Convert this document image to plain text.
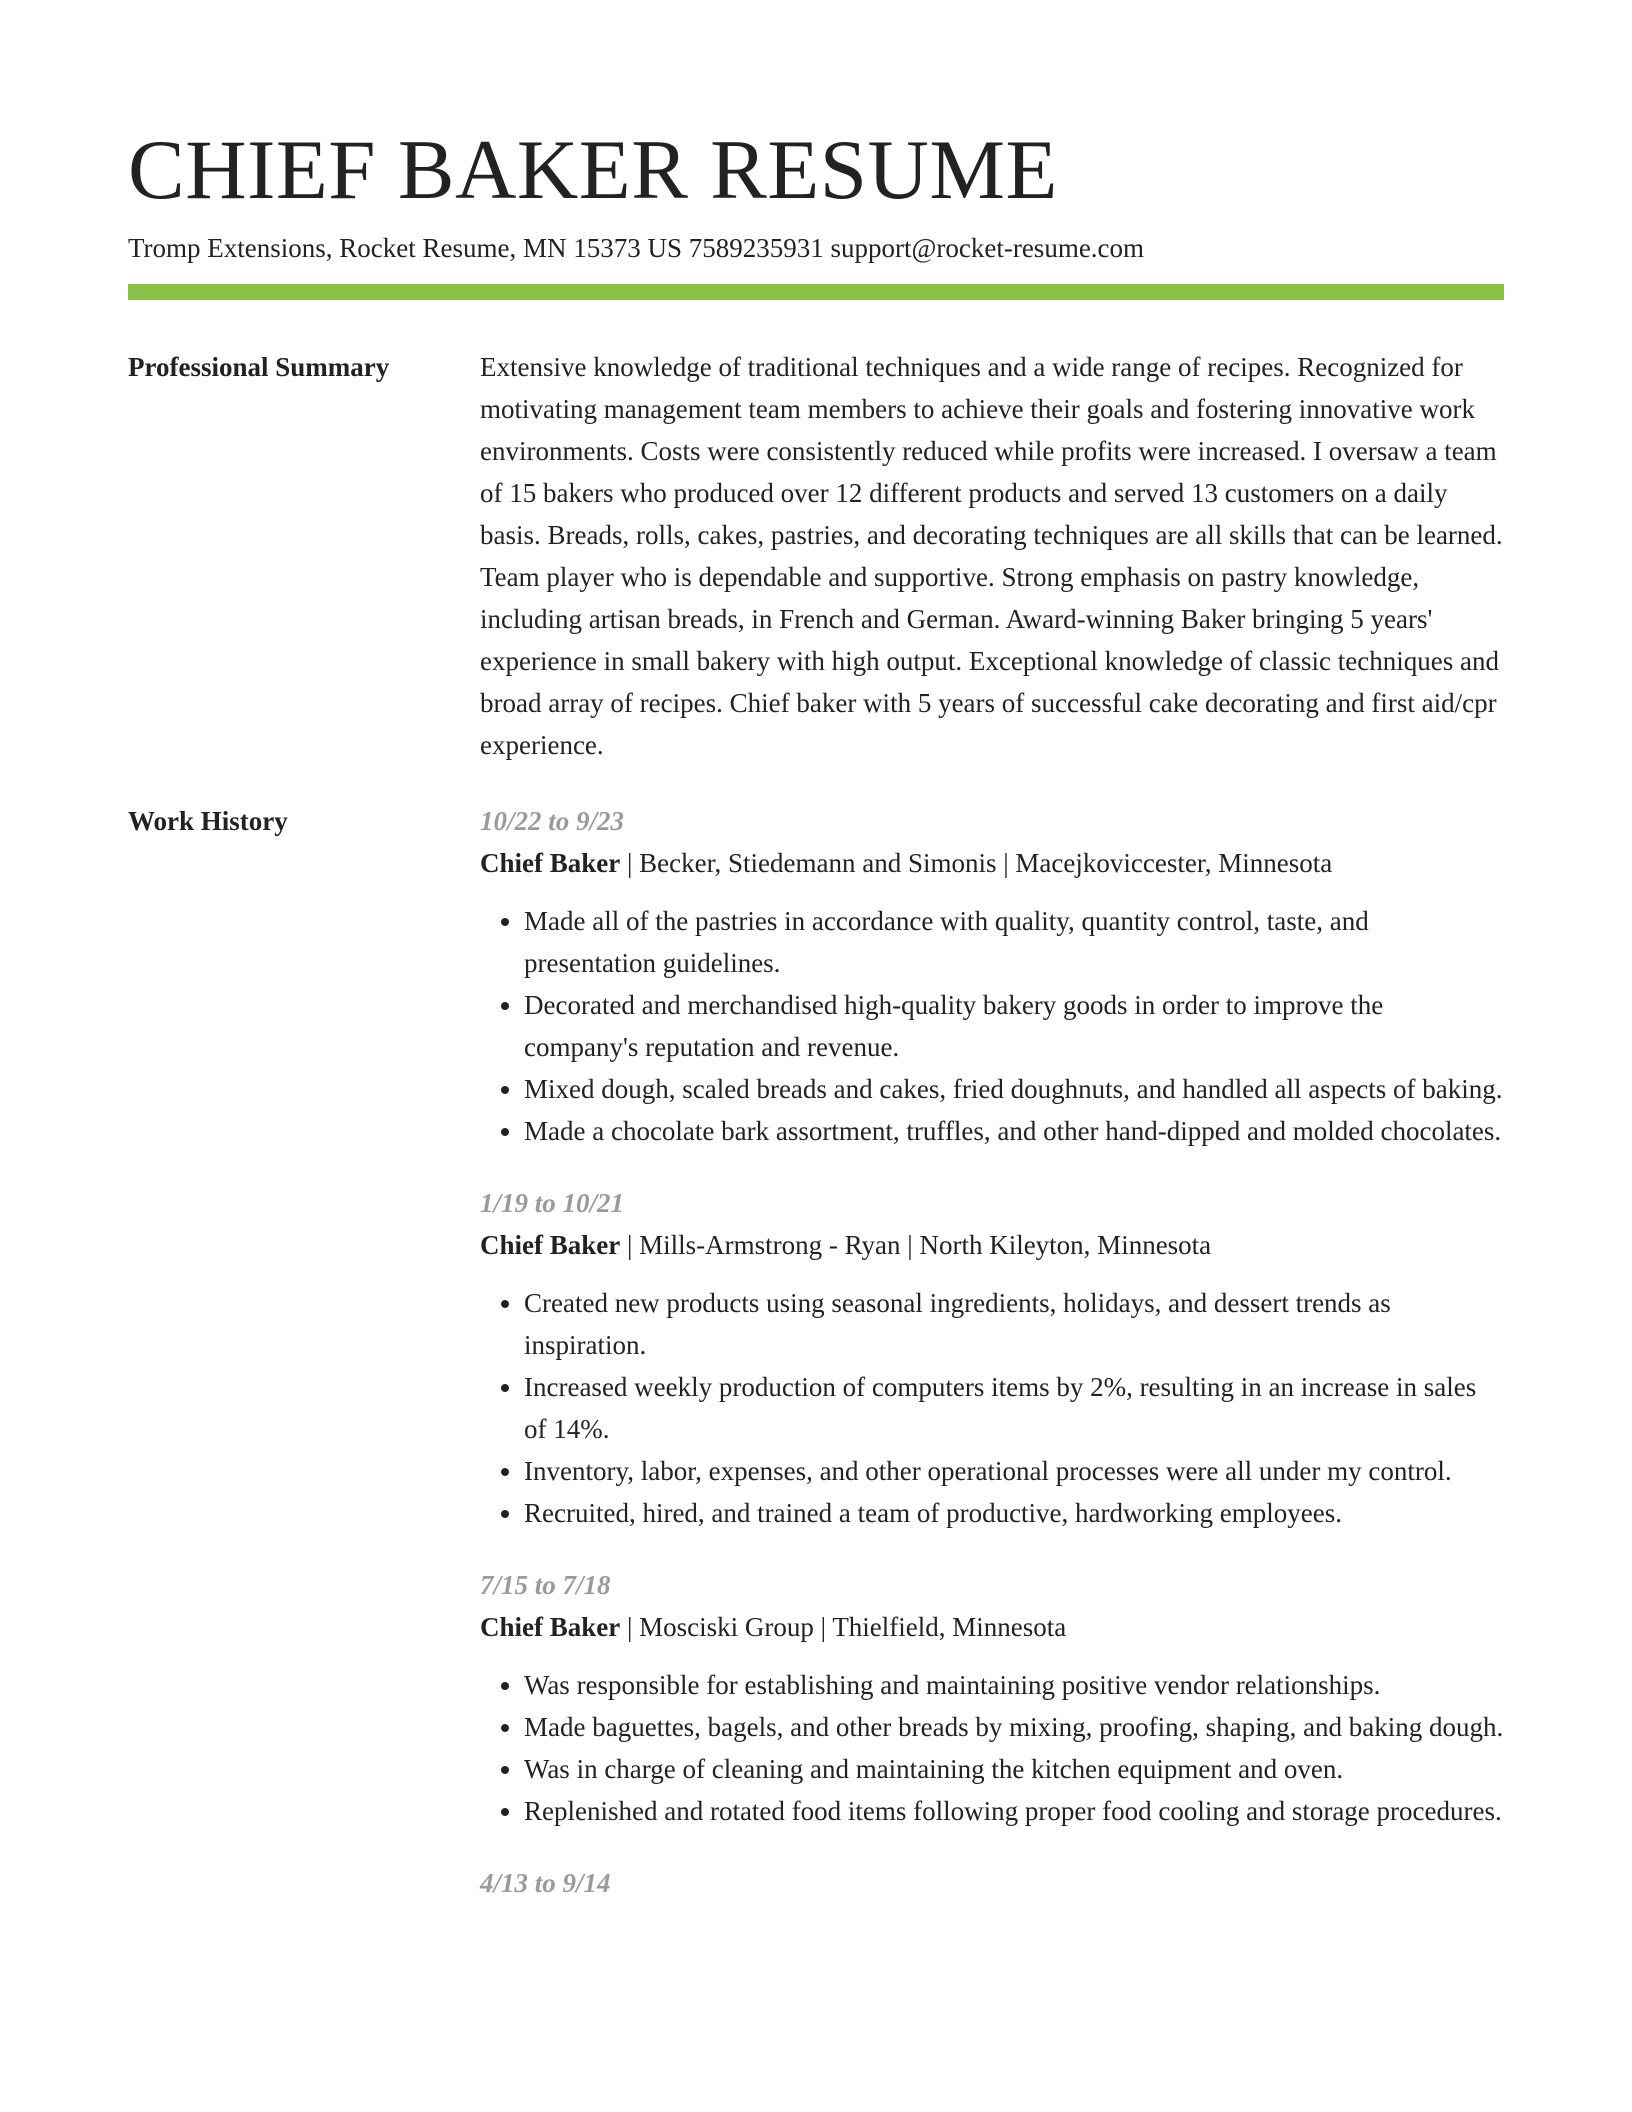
CHIEF BAKER RESUME
Tromp Extensions, Rocket Resume, MN 15373 US 7589235931 support@rocket-resume.com
Professional Summary	Extensive knowledge of traditional techniques and a wide range of recipes. Recognized for motivating management team members to achieve their goals and fostering innovative work environments. Costs were consistently reduced while profits were increased. I oversaw a team of 15 bakers who produced over 12 different products and served 13 customers on a daily basis. Breads, rolls, cakes, pastries, and decorating techniques are all skills that can be learned. Team player who is dependable and supportive. Strong emphasis on pastry knowledge, including artisan breads, in French and German. Award-winning Baker bringing 5 years' experience in small bakery with high output. Exceptional knowledge of classic techniques and broad array of recipes. Chief baker with 5 years of successful cake decorating and first aid/cpr experience.
Work History	10/22 to 9/23
Chief Baker | Becker, Stiedemann and Simonis | Macejkoviccester, Minnesota
• Made all of the pastries in accordance with quality, quantity control, taste, and presentation guidelines.
• Decorated and merchandised high-quality bakery goods in order to improve the company's reputation and revenue.
• Mixed dough, scaled breads and cakes, fried doughnuts, and handled all aspects of baking.
• Made a chocolate bark assortment, truffles, and other hand-dipped and molded chocolates.
1/19 to 10/21
Chief Baker | Mills-Armstrong - Ryan | North Kileyton, Minnesota
• Created new products using seasonal ingredients, holidays, and dessert trends as inspiration.
• Increased weekly production of computers items by 2%, resulting in an increase in sales of 14%.
• Inventory, labor, expenses, and other operational processes were all under my control.
• Recruited, hired, and trained a team of productive, hardworking employees.
7/15 to 7/18
Chief Baker | Mosciski Group | Thielfield, Minnesota
• Was responsible for establishing and maintaining positive vendor relationships.
• Made baguettes, bagels, and other breads by mixing, proofing, shaping, and baking dough.
• Was in charge of cleaning and maintaining the kitchen equipment and oven.
• Replenished and rotated food items following proper food cooling and storage procedures.
4/13 to 9/14
